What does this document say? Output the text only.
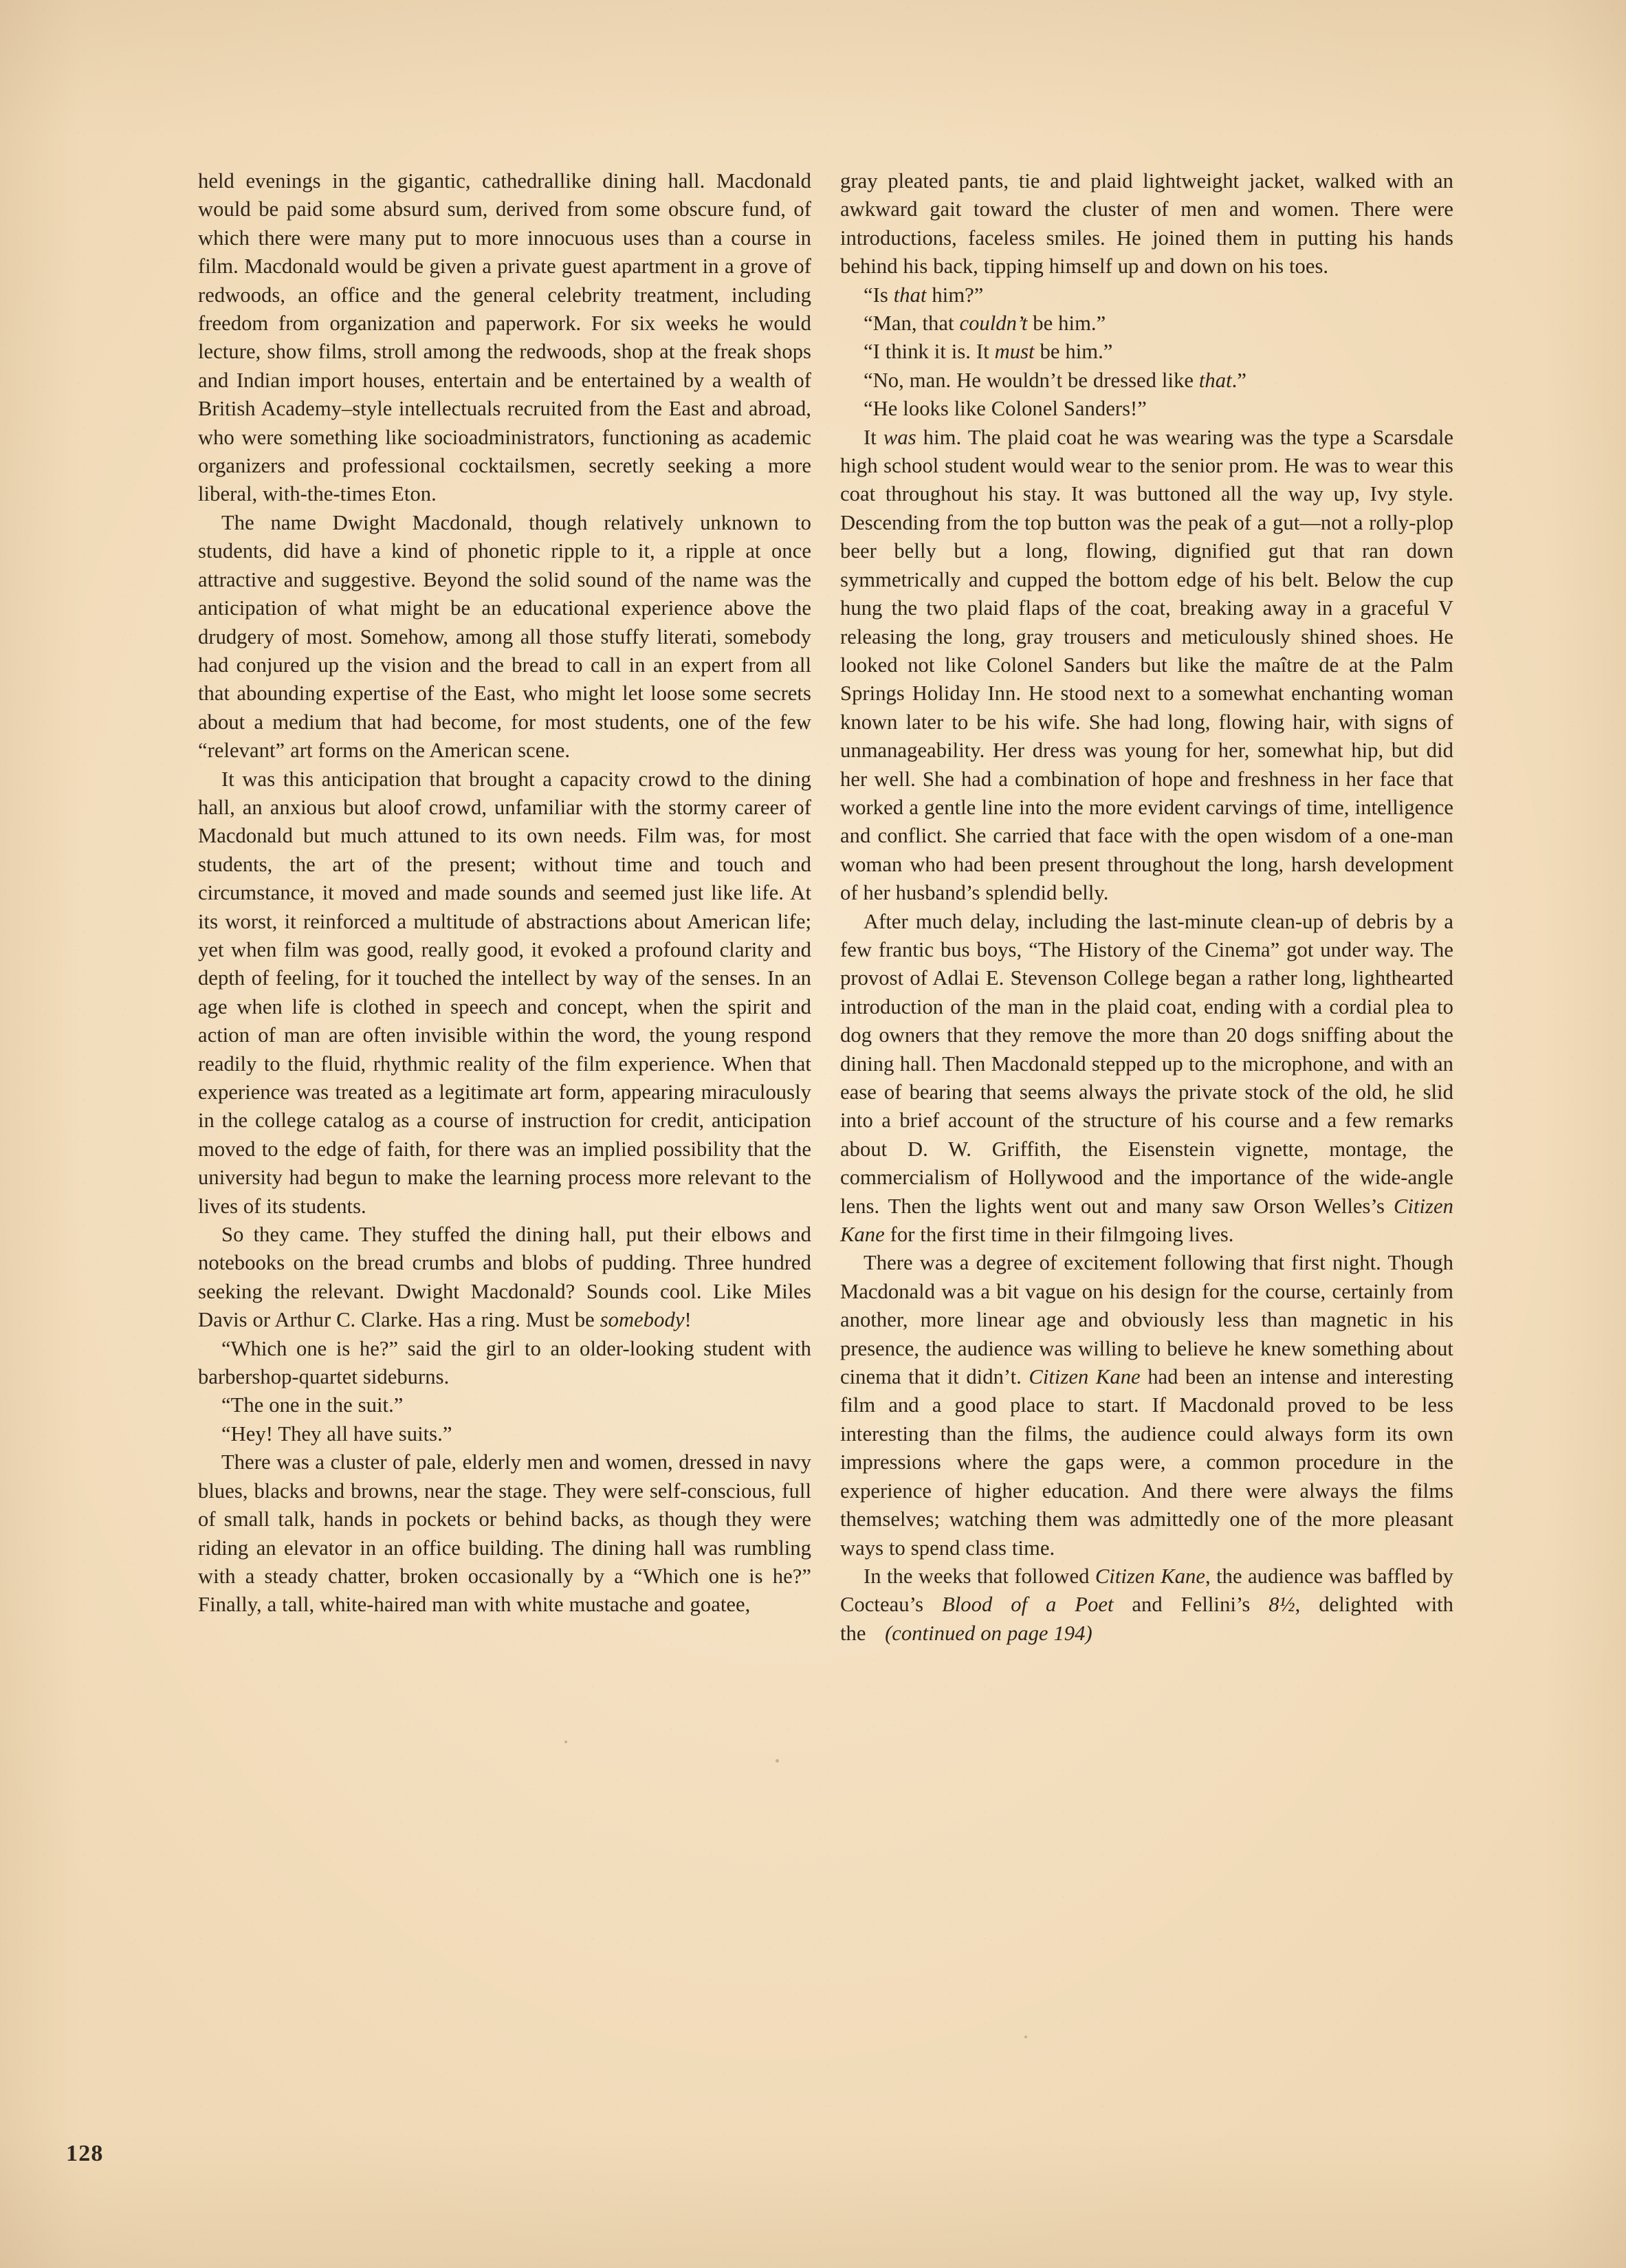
held evenings in the gigantic, cathedrallike dining hall. Macdonald would be paid some absurd sum, derived from some obscure fund, of which there were many put to more innocuous uses than a course in film. Macdonald would be given a private guest apartment in a grove of redwoods, an office and the general celebrity treatment, including freedom from organization and paperwork. For six weeks he would lecture, show films, stroll among the redwoods, shop at the freak shops and Indian import houses, entertain and be entertained by a wealth of British Academy–style intellectuals recruited from the East and abroad, who were something like socioadministrators, functioning as academic organizers and professional cocktailsmen, secretly seeking a more liberal, with-the-times Eton.

The name Dwight Macdonald, though relatively unknown to students, did have a kind of phonetic ripple to it, a ripple at once attractive and suggestive. Beyond the solid sound of the name was the anticipation of what might be an educational experience above the drudgery of most. Somehow, among all those stuffy literati, somebody had conjured up the vision and the bread to call in an expert from all that abounding expertise of the East, who might let loose some secrets about a medium that had become, for most students, one of the few “relevant” art forms on the American scene.

It was this anticipation that brought a capacity crowd to the dining hall, an anxious but aloof crowd, unfamiliar with the stormy career of Macdonald but much attuned to its own needs. Film was, for most students, the art of the present; without time and touch and circumstance, it moved and made sounds and seemed just like life. At its worst, it reinforced a multitude of abstractions about American life; yet when film was good, really good, it evoked a profound clarity and depth of feeling, for it touched the intellect by way of the senses. In an age when life is clothed in speech and concept, when the spirit and action of man are often invisible within the word, the young respond readily to the fluid, rhythmic reality of the film experience. When that experience was treated as a legitimate art form, appearing miraculously in the college catalog as a course of instruction for credit, anticipation moved to the edge of faith, for there was an implied possibility that the university had begun to make the learning process more relevant to the lives of its students.

So they came. They stuffed the dining hall, put their elbows and notebooks on the bread crumbs and blobs of pudding. Three hundred seeking the relevant. Dwight Macdonald? Sounds cool. Like Miles Davis or Arthur C. Clarke. Has a ring. Must be somebody!

“Which one is he?” said the girl to an older-looking student with barbershop-quartet sideburns.

“The one in the suit.”

“Hey! They all have suits.”

There was a cluster of pale, elderly men and women, dressed in navy blues, blacks and browns, near the stage. They were self-conscious, full of small talk, hands in pockets or behind backs, as though they were riding an elevator in an office building. The dining hall was rumbling with a steady chatter, broken occasionally by a “Which one is he?” Finally, a tall, white-haired man with white mustache and goatee,

gray pleated pants, tie and plaid lightweight jacket, walked with an awkward gait toward the cluster of men and women. There were introductions, faceless smiles. He joined them in putting his hands behind his back, tipping himself up and down on his toes.

“Is that him?”

“Man, that couldn’t be him.”

“I think it is. It must be him.”

“No, man. He wouldn’t be dressed like that.”

“He looks like Colonel Sanders!”

It was him. The plaid coat he was wearing was the type a Scarsdale high school student would wear to the senior prom. He was to wear this coat throughout his stay. It was buttoned all the way up, Ivy style. Descending from the top button was the peak of a gut—not a rolly-plop beer belly but a long, flowing, dignified gut that ran down symmetrically and cupped the bottom edge of his belt. Below the cup hung the two plaid flaps of the coat, breaking away in a graceful V releasing the long, gray trousers and meticulously shined shoes. He looked not like Colonel Sanders but like the maître de at the Palm Springs Holiday Inn. He stood next to a somewhat enchanting woman known later to be his wife. She had long, flowing hair, with signs of unmanageability. Her dress was young for her, somewhat hip, but did her well. She had a combination of hope and freshness in her face that worked a gentle line into the more evident carvings of time, intelligence and conflict. She carried that face with the open wisdom of a one-man woman who had been present throughout the long, harsh development of her husband’s splendid belly.

After much delay, including the last-minute clean-up of debris by a few frantic bus boys, “The History of the Cinema” got under way. The provost of Adlai E. Stevenson College began a rather long, lighthearted introduction of the man in the plaid coat, ending with a cordial plea to dog owners that they remove the more than 20 dogs sniffing about the dining hall. Then Macdonald stepped up to the microphone, and with an ease of bearing that seems always the private stock of the old, he slid into a brief account of the structure of his course and a few remarks about D. W. Griffith, the Eisenstein vignette, montage, the commercialism of Hollywood and the importance of the wide-angle lens. Then the lights went out and many saw Orson Welles’s Citizen Kane for the first time in their filmgoing lives.

There was a degree of excitement following that first night. Though Macdonald was a bit vague on his design for the course, certainly from another, more linear age and obviously less than magnetic in his presence, the audience was willing to believe he knew something about cinema that it didn’t. Citizen Kane had been an intense and interesting film and a good place to start. If Macdonald proved to be less interesting than the films, the audience could always form its own impressions where the gaps were, a common procedure in the experience of higher education. And there were always the films themselves; watching them was admittedly one of the more pleasant ways to spend class time.

In the weeks that followed Citizen Kane, the audience was baffled by Cocteau’s Blood of a Poet and Fellini’s 8½, delighted with the (continued on page 194)

128
